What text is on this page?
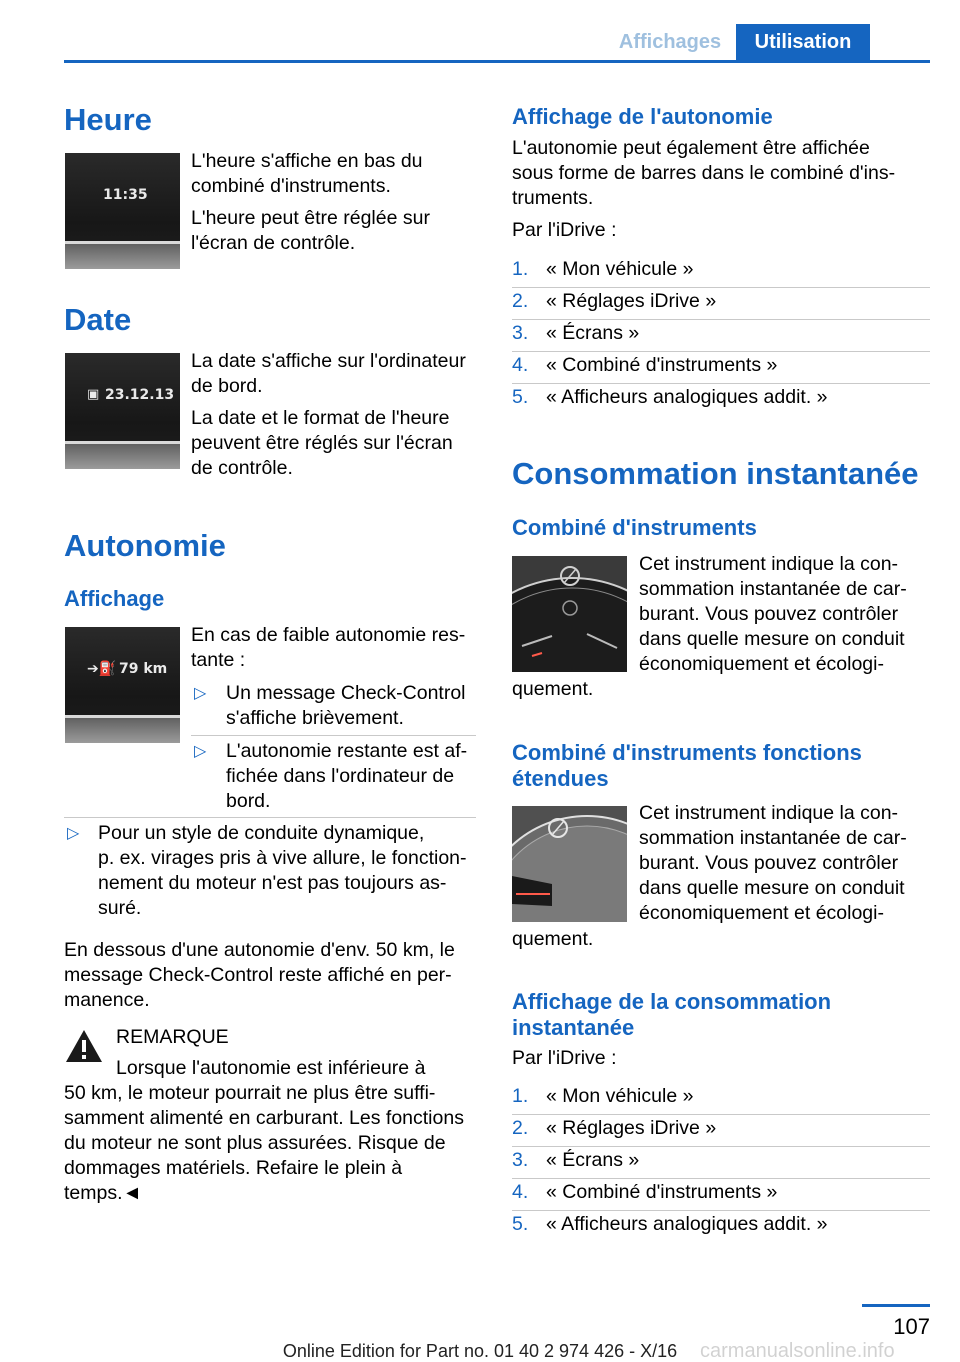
Affichages	Utilisation
Heure
11:35

L'heure s'affiche en bas du
combiné d'instruments.

L'heure peut être réglée sur
l'écran de contrôle.

Date
▣ 23.12.13

La date s'affiche sur l'ordinateur
de bord.

La date et le format de l'heure
peuvent être réglés sur l'écran
de contrôle.

Autonomie
Affichage
➔⛽ 79 km

En cas de faible autonomie res-
tante :

▷ Un message Check-Control
s'affiche brièvement.
▷ L'autonomie restante est af-
fichée dans l'ordinateur de
bord.
▷ Pour un style de conduite dynamique,
p. ex. virages pris à vive allure, le fonction-
nement du moteur n'est pas toujours as-
suré.

En dessous d'une autonomie d'env. 50 km, le
message Check-Control reste affiché en per-
manence.

REMARQUE

Lorsque l'autonomie est inférieure à

50 km, le moteur pourrait ne plus être suffi-
samment alimenté en carburant. Les fonctions
du moteur ne sont plus assurées. Risque de
dommages matériels. Refaire le plein à
temps.◄

Affichage de l'autonomie

L'autonomie peut également être affichée
sous forme de barres dans le combiné d'ins-
truments.

Par l'iDrive :

1. « Mon véhicule »
2. « Réglages iDrive »
3. « Écrans »
4. « Combiné d'instruments »
5. « Afficheurs analogiques addit. »
Consommation instantanée
Combiné d'instruments

Cet instrument indique la con-
sommation instantanée de car-
burant. Vous pouvez contrôler
dans quelle mesure on conduit
économiquement et écologi-

quement.

Combiné d'instruments fonctions
étendues

Cet instrument indique la con-
sommation instantanée de car-
burant. Vous pouvez contrôler
dans quelle mesure on conduit
économiquement et écologi-

quement.

Affichage de la consommation
instantanée

Par l'iDrive :

1. « Mon véhicule »
2. « Réglages iDrive »
3. « Écrans »
4. « Combiné d'instruments »
5. « Afficheurs analogiques addit. »
107
Online Edition for Part no. 01 40 2 974 426 - X/16	carmanualsonline.info
